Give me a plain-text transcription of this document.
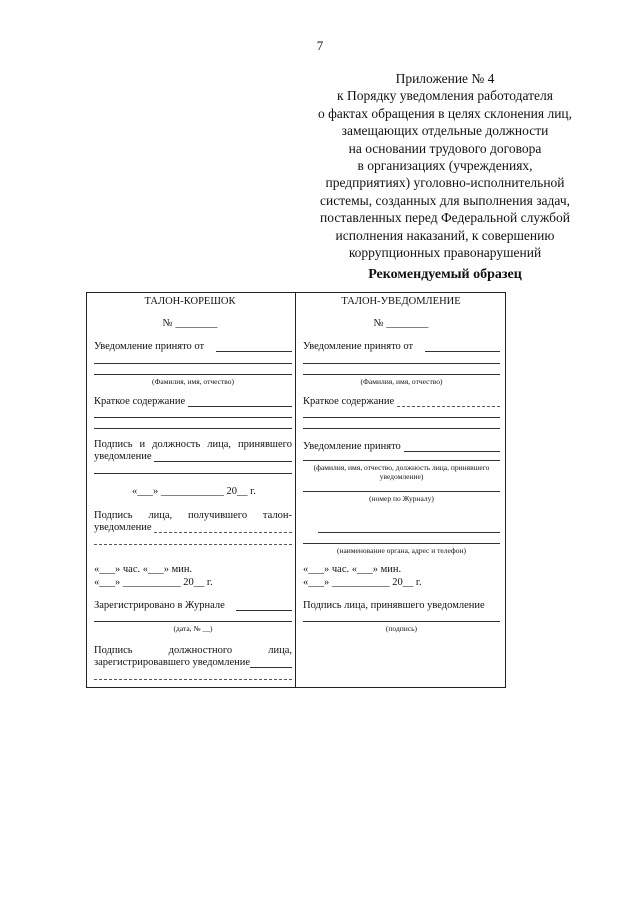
7
Приложение № 4
к Порядку уведомления работодателя
о фактах обращения в целях склонения лиц,
замещающих отдельные должности
на основании трудового договора
в организациях (учреждениях,
предприятиях) уголовно-исполнительной
системы, созданных для выполнения задач,
поставленных перед Федеральной службой
исполнения наказаний, к совершению
коррупционных правонарушений
Рекомендуемый образец
ТАЛОН-КОРЕШОК
№ ________
Уведомление принято от
(Фамилия, имя, отчество)
Краткое содержание
Подпись и должность лица, принявшего
уведомление
«___» ____________ 20__ г.
Подпись лица, получившего талон-
уведомление
«___» час. «___» мин.
«___» ___________ 20__ г.
Зарегистрировано в Журнале
(дата, № __)
Подпись	должностного	лица,
зарегистрировавшего уведомление
ТАЛОН-УВЕДОМЛЕНИЕ
№ ________
Уведомление принято от
(Фамилия, имя, отчество)
Краткое содержание
Уведомление принято
(фамилия, имя, отчество, должность лица, принявшего
уведомление)
(номер по Журналу)
(наименование органа, адрес и телефон)
«___» час. «___» мин.
«___» ___________ 20__ г.
Подпись лица, принявшего уведомление
(подпись)
